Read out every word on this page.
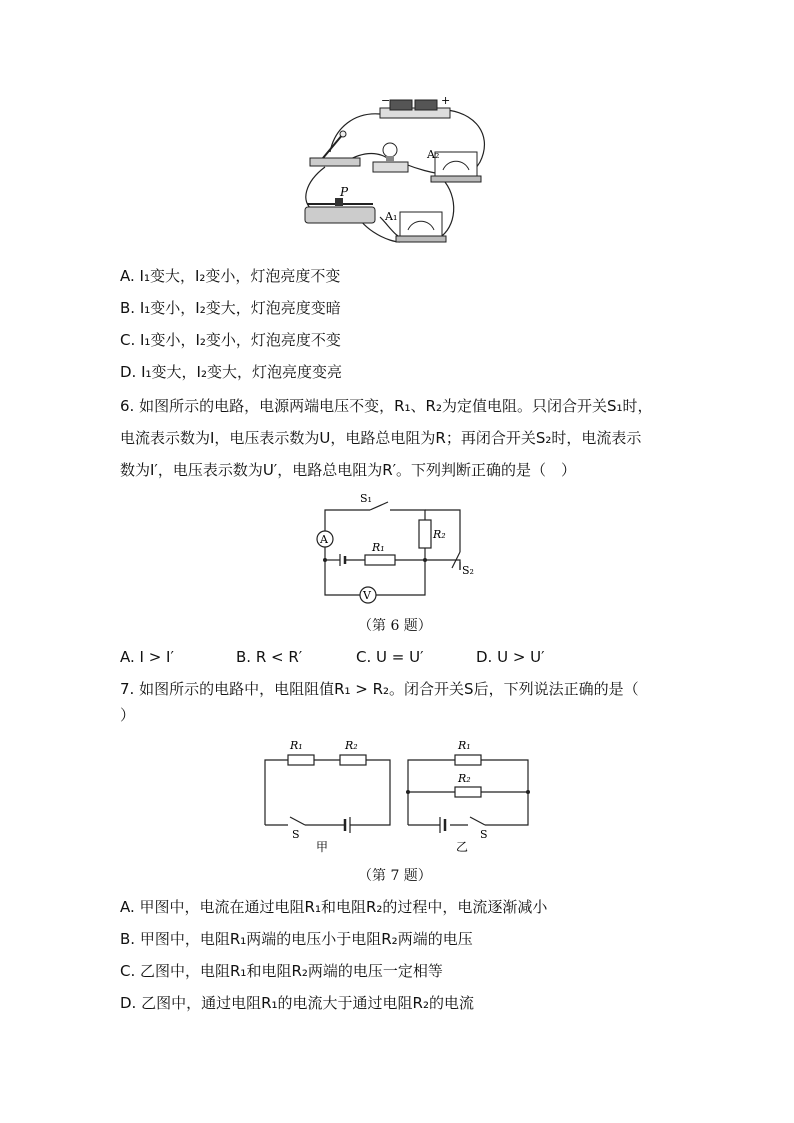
−	+
A₂
P
A₁
A. I₁变大，I₂变小，灯泡亮度不变
B. I₁变小，I₂变大，灯泡亮度变暗
C. I₁变小，I₂变小，灯泡亮度不变
D. I₁变大，I₂变大，灯泡亮度变亮
6. 如图所示的电路，电源两端电压不变，R₁、R₂为定值电阻。只闭合开关S₁时，
电流表示数为I，电压表示数为U，电路总电阻为R；再闭合开关S₂时，电流表示
数为I′，电压表示数为U′，电路总电阻为R′。下列判断正确的是（　）
A
V
S₁
S₂
R₁
R₂
（第 6 题）
A. I > I′	B. R < R′	C. U = U′	D. U > U′
7. 如图所示的电路中，电阻阻值R₁ > R₂。闭合开关S后，下列说法正确的是（
）
R₁	R₂
S
甲
R₁
R₂
S
乙
（第 7 题）
A. 甲图中，电流在通过电阻R₁和电阻R₂的过程中，电流逐渐减小
B. 甲图中，电阻R₁两端的电压小于电阻R₂两端的电压
C. 乙图中，电阻R₁和电阻R₂两端的电压一定相等
D. 乙图中，通过电阻R₁的电流大于通过电阻R₂的电流
